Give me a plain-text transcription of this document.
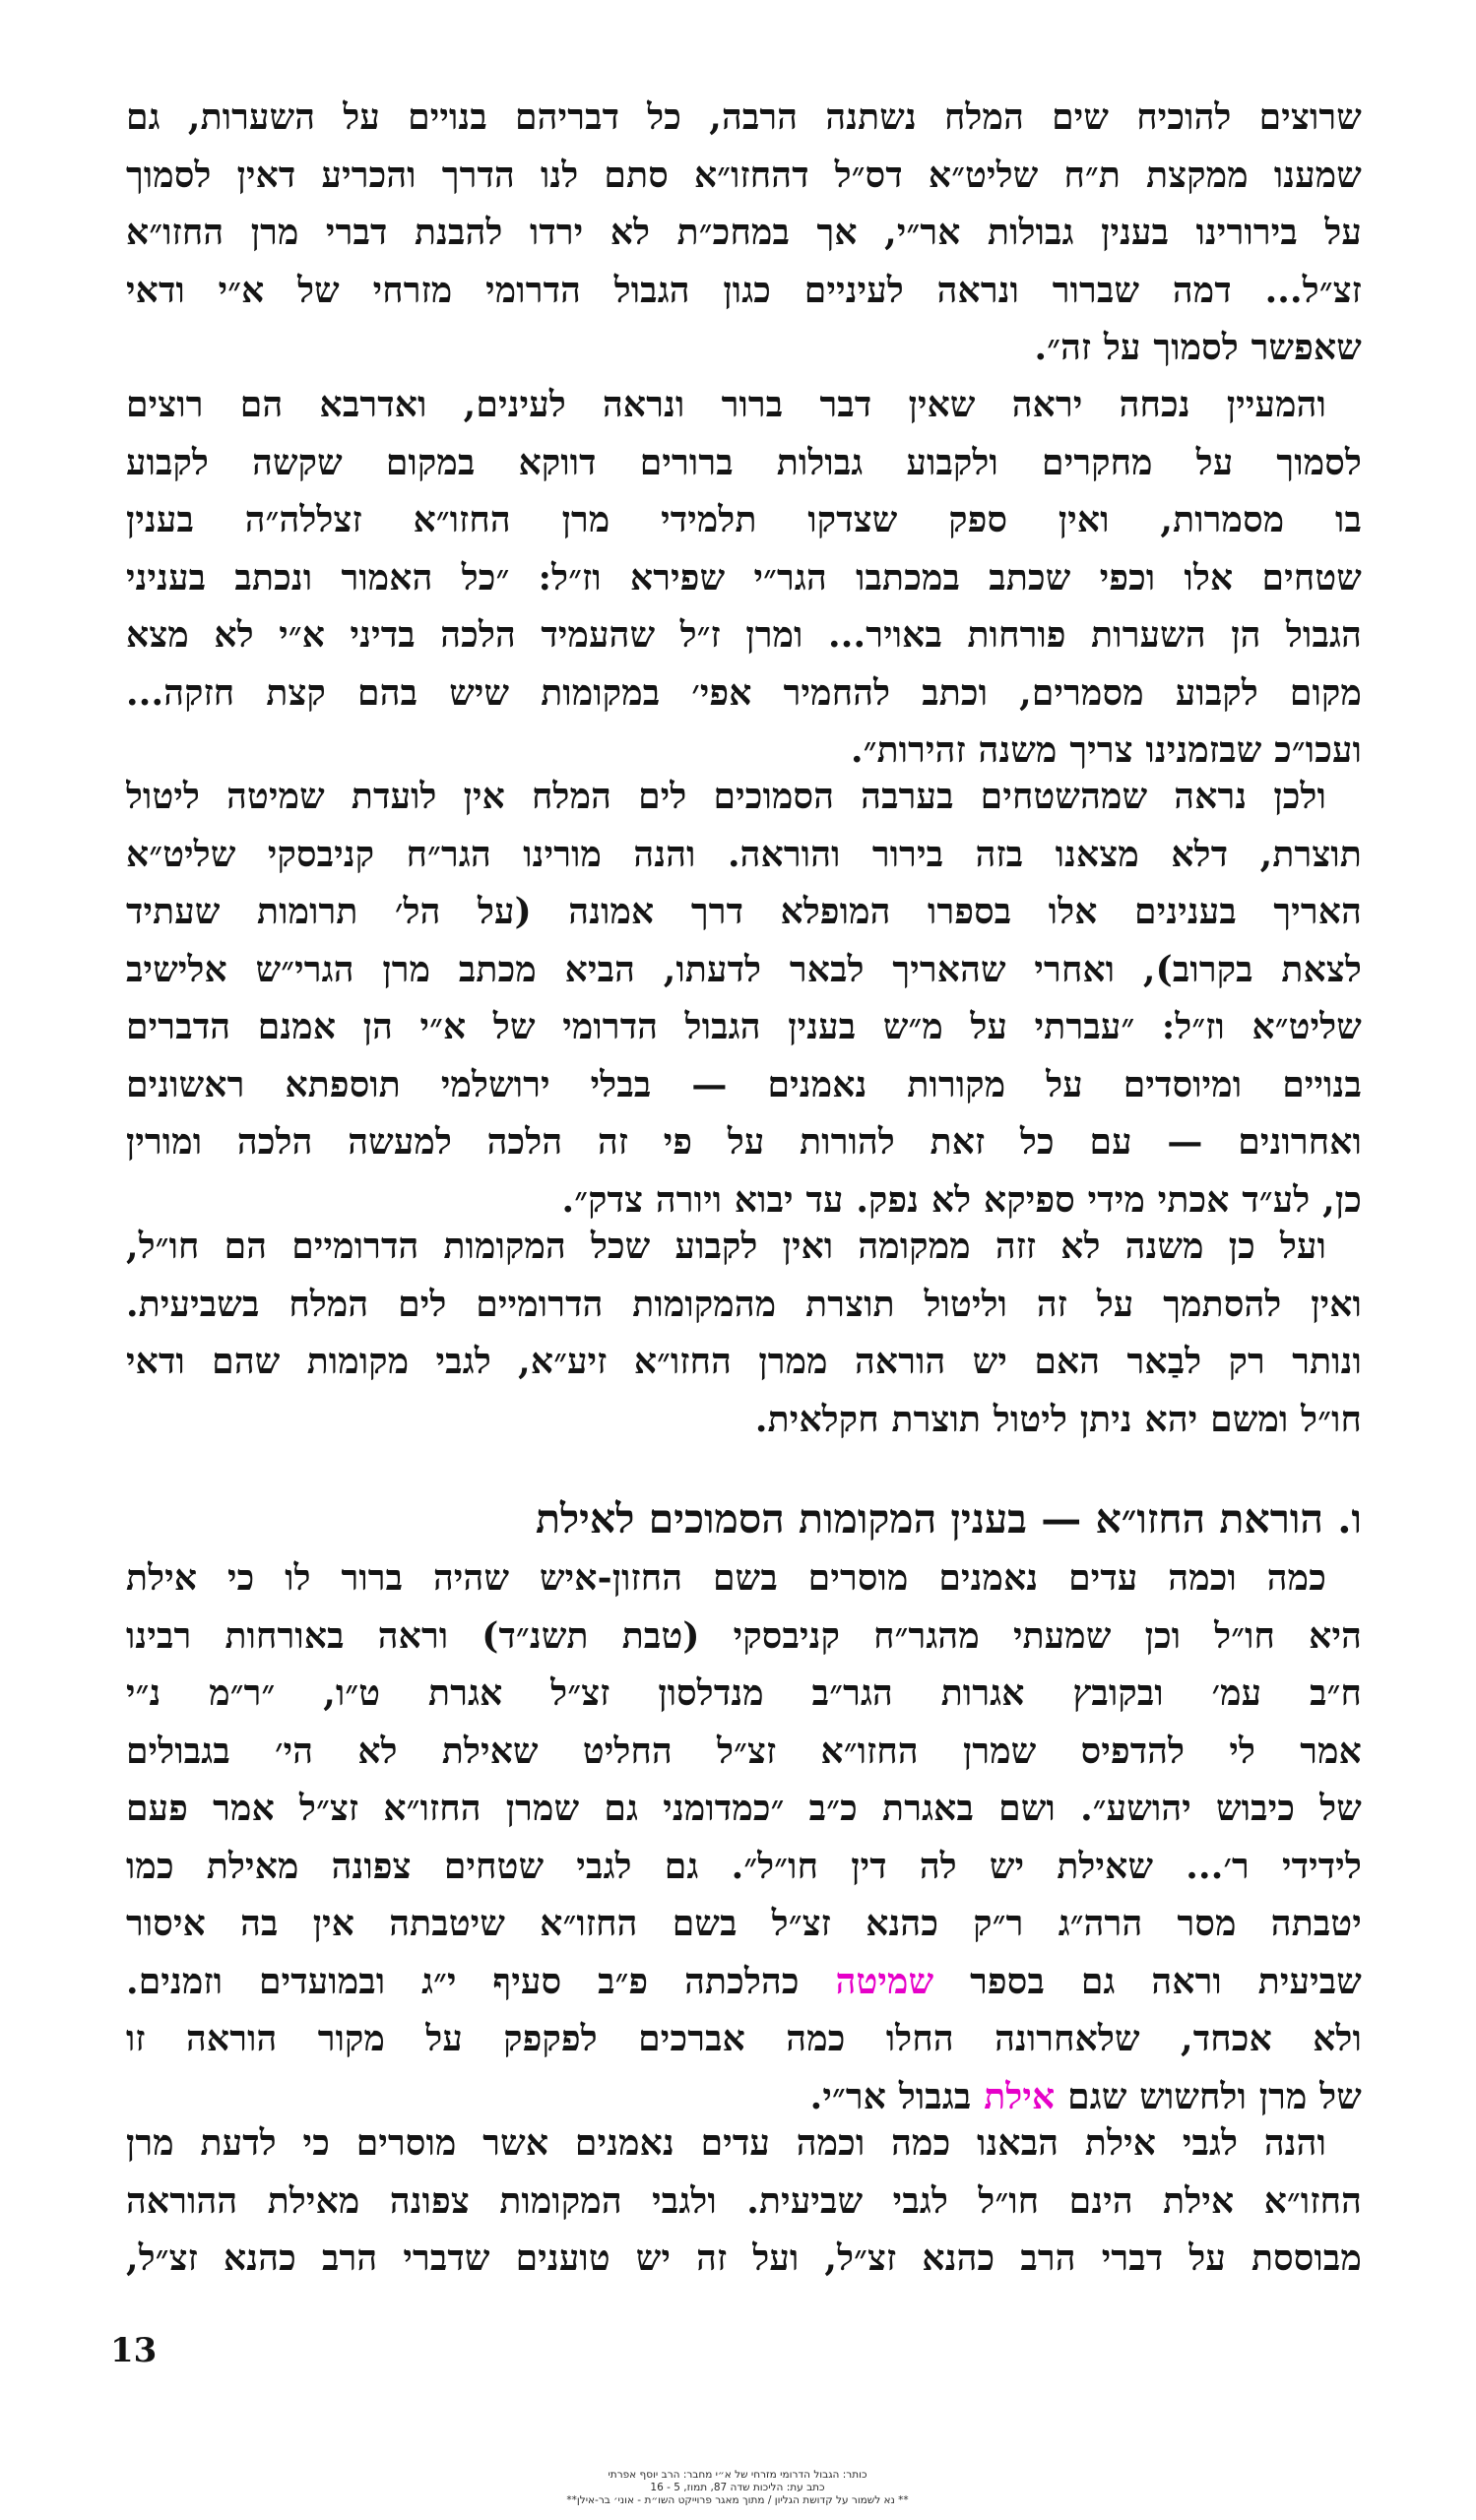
שרוצים להוכיח שים המלח נשתנה הרבה, כל דבריהם בנויים על השערות, גם
שמענו ממקצת ת״ח שליט״א דס״ל דהחזו״א סתם לנו הדרך והכריע דאין לסמוך
על בירורינו בענין גבולות אר״י, אך במחכ״ת לא ירדו להבנת דברי מרן החזו״א
זצ״ל... דמה שברור ונראה לעיניים כגון הגבול הדרומי מזרחי של א״י ודאי
שאפשר לסמוך על זה״.
והמעיין נכחה יראה שאין דבר ברור ונראה לעינים, ואדרבא הם רוצים
לסמוך על מחקרים ולקבוע גבולות ברורים דווקא במקום שקשה לקבוע
בו מסמרות, ואין ספק שצדקו תלמידי מרן החזו״א זצללה״ה בענין
שטחים אלו וכפי שכתב במכתבו הגר״י שפירא וז״ל: ״כל האמור ונכתב בעניני
הגבול הן השערות פורחות באויר... ומרן ז״ל שהעמיד הלכה בדיני א״י לא מצא
מקום לקבוע מסמרים, וכתב להחמיר אפי׳ במקומות שיש בהם קצת חזקה...
ועכו״כ שבזמנינו צריך משנה זהירות״.
ולכן נראה שמהשטחים בערבה הסמוכים לים המלח אין לועדת שמיטה ליטול
תוצרת, דלא מצאנו בזה בירור והוראה. והנה מורינו הגר״ח קניבסקי שליט״א
האריך בענינים אלו בספרו המופלא דרך אמונה (על הל׳ תרומות שעתיד
לצאת בקרוב), ואחרי שהאריך לבאר לדעתו, הביא מכתב מרן הגרי״ש אלישיב
שליט״א וז״ל: ״עברתי על מ״ש בענין הגבול הדרומי של א״י הן אמנם הדברים
בנויים ומיוסדים על מקורות נאמנים — בבלי ירושלמי תוספתא ראשונים
ואחרונים — עם כל זאת להורות על פי זה הלכה למעשה הלכה ומורין
כן, לע״ד אכתי מידי ספיקא לא נפק. עד יבוא ויורה צדק״.
ועל כן משנה לא זזה ממקומה ואין לקבוע שכל המקומות הדרומיים הם חו״ל,
ואין להסתמך על זה וליטול תוצרת מהמקומות הדרומיים לים המלח בשביעית.
ונותר רק לבַאר האם יש הוראה ממרן החזו״א זיע״א, לגבי מקומות שהם ודאי
חו״ל ומשם יהא ניתן ליטול תוצרת חקלאית.
ו. הוראת החזו״א — בענין המקומות הסמוכים לאילת
כמה וכמה עדים נאמנים מוסרים בשם החזון-איש שהיה ברור לו כי אילת
היא חו״ל וכן שמעתי מהגר״ח קניבסקי (טבת תשנ״ד) וראה באורחות רבינו
ח״ב עמ׳ ובקובץ אגרות הגר״ב מנדלסון זצ״ל אגרת ט״ו, ״ר״מ נ״י
אמר לי להדפיס שמרן החזו״א זצ״ל החליט שאילת לא הי׳ בגבולים
של כיבוש יהושע״. ושם באגרת כ״ב ״כמדומני גם שמרן החזו״א זצ״ל אמר פעם
לידידי ר׳... שאילת יש לה דין חו״ל״. גם לגבי שטחים צפונה מאילת כמו
יטבתה מסר הרה״ג ר״ק כהנא זצ״ל בשם החזו״א שיטבתה אין בה איסור
שביעית וראה גם בספר שמיטה כהלכתה פ״ב סעיף י״ג ובמועדים וזמנים.
ולא אכחד, שלאחרונה החלו כמה אברכים לפקפק על מקור הוראה זו
של מרן ולחשוש שגם אילת בגבול אר״י.
והנה לגבי אילת הבאנו כמה וכמה עדים נאמנים אשר מוסרים כי לדעת מרן
החזו״א אילת הינם חו״ל לגבי שביעית. ולגבי המקומות צפונה מאילת ההוראה
מבוססת על דברי הרב כהנא זצ״ל, ועל זה יש טוענים שדברי הרב כהנא זצ״ל,
13
כותר: הגבול הדרומי מזרחי של א״י מחבר: הרב יוסף אפרתי
כתב עת: הליכות שדה 87, תמוז, 5 - 16
** נא לשמור על קדושת הגליון / מתוך מאגר פרוייקט השו״ת - אוני׳ בר-אילן**
